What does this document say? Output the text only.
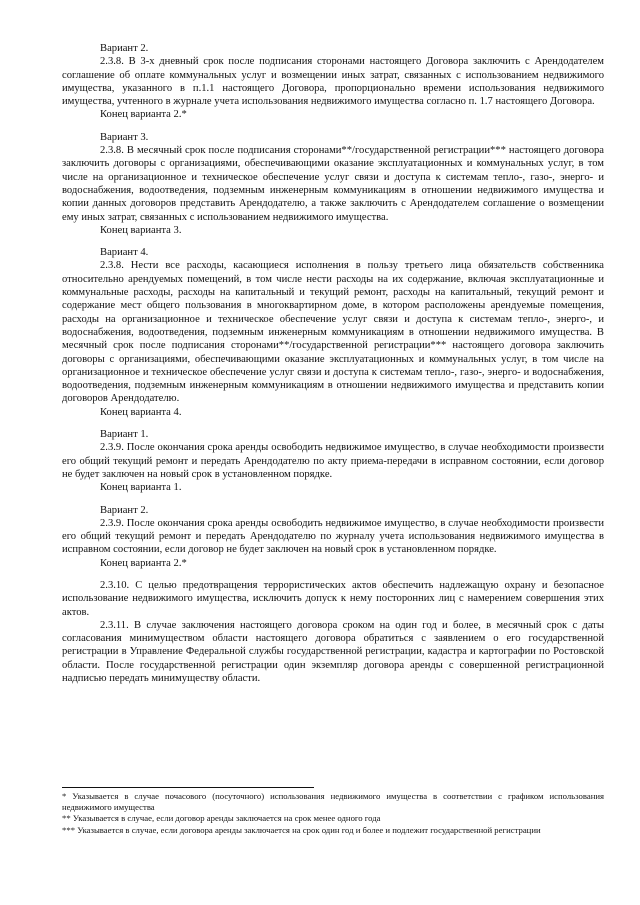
Вариант 2.

2.3.8. В 3-х дневный срок после подписания сторонами настоящего Договора заключить с Арендодателем соглашение об оплате коммунальных услуг и возмещении иных затрат, связанных с использованием недвижимого имущества, указанного в п.1.1 настоящего Договора, пропорционально времени использования недвижимого имущества, учтенного в журнале учета использования недвижимого имущества согласно п. 1.7 настоящего Договора.

Конец варианта 2.*

Вариант 3.

2.3.8. В месячный срок после подписания сторонами**/государственной регистрации*** настоящего договора заключить договоры с организациями, обеспечивающими оказание эксплуатационных и коммунальных услуг, в том числе на организационное и техническое обеспечение услуг связи и доступа к системам тепло-, газо-, энерго- и водоснабжения, водоотведения, подземным инженерным коммуникациям в отношении недвижимого имущества и копии данных договоров представить Арендодателю, а также заключить с Арендодателем соглашение о возмещении ему иных затрат, связанных с использованием недвижимого имущества.

Конец варианта 3.

Вариант 4.

2.3.8. Нести все расходы, касающиеся исполнения в пользу третьего лица обязательств собственника относительно арендуемых помещений, в том числе нести расходы на их содержание, включая эксплуатационные и коммунальные расходы, расходы на капитальный и текущий ремонт, расходы на капитальный, текущий ремонт и содержание мест общего пользования в многоквартирном доме, в котором расположены арендуемые помещения, расходы на организационное и техническое обеспечение услуг связи и доступа к системам тепло-, энерго-, и водоснабжения, водоотведения, подземным инженерным коммуникациям в отношении недвижимого имущества. В месячный срок после подписания сторонами**/государственной регистрации*** настоящего договора заключить договоры с организациями, обеспечивающими оказание эксплуатационных и коммунальных услуг, в том числе на организационное и техническое обеспечение услуг связи и доступа к системам тепло-, газо-, энерго- и водоснабжения, водоотведения, подземным инженерным коммуникациям в отношении недвижимого имущества и представить копии договоров Арендодателю.

Конец варианта 4.

Вариант 1.

2.3.9. После окончания срока аренды освободить недвижимое имущество, в случае необходимости произвести его общий текущий ремонт и передать Арендодателю по акту приема-передачи в исправном состоянии, если договор не будет заключен на новый срок в установленном порядке.

Конец варианта 1.

Вариант 2.

2.3.9. После окончания срока аренды освободить недвижимое имущество, в случае необходимости произвести его общий текущий ремонт и передать Арендодателю по журналу учета использования недвижимого имущества в исправном состоянии, если договор не будет заключен на новый срок в установленном порядке.

Конец варианта 2.*

2.3.10. С целью предотвращения террористических актов обеспечить надлежащую охрану и безопасное использование недвижимого имущества, исключить допуск к нему посторонних лиц с намерением совершения этих актов.

2.3.11. В случае заключения настоящего договора сроком на один год и более, в месячный срок с даты согласования минимуществом области настоящего договора обратиться с заявлением о его государственной регистрации в Управление Федеральной службы государственной регистрации, кадастра и картографии по Ростовской области. После государственной регистрации один экземпляр договора аренды с совершенной регистрационной надписью передать минимуществу области.

* Указывается в случае почасового (посуточного) использования недвижимого имущества в соответствии с графиком использования недвижимого имущества

** Указывается в случае, если договор аренды заключается на срок менее одного года

*** Указывается в случае, если договора аренды заключается на срок один год и более и подлежит государственной регистрации
